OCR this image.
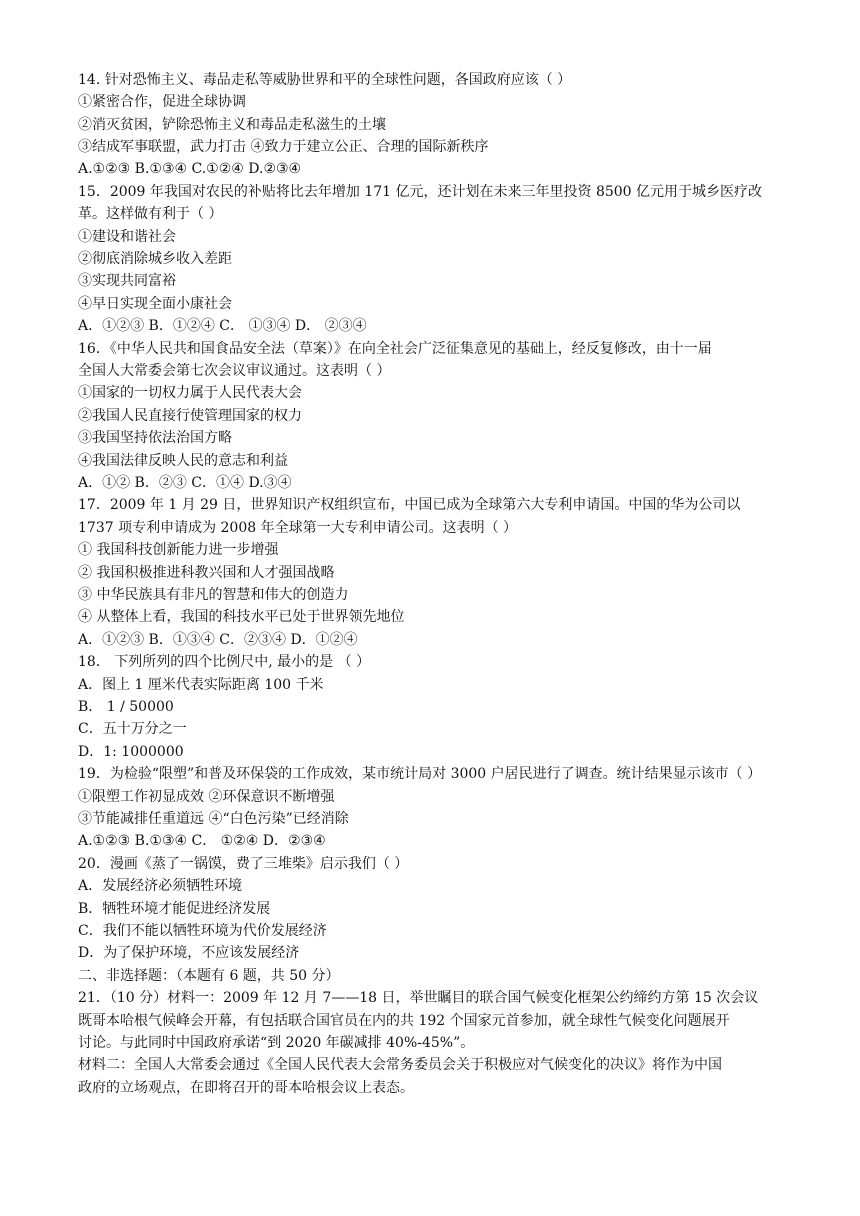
14. 针对恐怖主义、毒品走私等威胁世界和平的全球性问题，各国政府应该（ ）
①紧密合作，促进全球协调
②消灭贫困，铲除恐怖主义和毒品走私滋生的土壤
③结成军事联盟，武力打击 ④致力于建立公正、合理的国际新秩序
A.①②③ B.①③④ C.①②④ D.②③④
15．2009 年我国对农民的补贴将比去年增加 171 亿元，还计划在未来三年里投资 8500 亿元用于城乡医疗改
革。这样做有利于（ ）
①建设和谐社会
②彻底消除城乡收入差距
③实现共同富裕
④早日实现全面小康社会
A．①②③ B．①②④ C． ①③④ D． ②③④
16．《中华人民共和国食品安全法（草案）》在向全社会广泛征集意见的基础上，经反复修改，由十一届
全国人大常委会第七次会议审议通过。这表明（ ）
①国家的一切权力属于人民代表大会
②我国人民直接行使管理国家的权力
③我国坚持依法治国方略
④我国法律反映人民的意志和利益
A．①② B．②③ C．①④ D.③④
17．2009 年 1 月 29 日，世界知识产权组织宣布，中国已成为全球第六大专利申请国。中国的华为公司以
1737 项专利申请成为 2008 年全球第一大专利申请公司。这表明（ ）
① 我国科技创新能力进一步增强
② 我国积极推进科教兴国和人才强国战略
③ 中华民族具有非凡的智慧和伟大的创造力
④ 从整体上看，我国的科技水平已处于世界领先地位
A．①②③ B．①③④ C．②③④ D．①②④
18． 下列所列的四个比例尺中, 最小的是 （ ）
A．图上 1 厘米代表实际距离 100 千米
B． 1 / 50000
C．五十万分之一
D．1: 1000000
19．为检验“限塑”和普及环保袋的工作成效，某市统计局对 3000 户居民进行了调查。统计结果显示该市（ ）
①限塑工作初显成效 ②环保意识不断增强
③节能减排任重道远 ④“白色污染”已经消除
A.①②③ B.①③④ C． ①②④ D．②③④
20．漫画《蒸了一锅馍，费了三堆柴》启示我们（ ）
A．发展经济必须牺牲环境
B．牺牲环境才能促进经济发展
C．我们不能以牺牲环境为代价发展经济
D．为了保护环境，不应该发展经济
二、非选择题：（本题有 6 题，共 50 分）
21．（10 分）材料一：2009 年 12 月 7——18 日，举世瞩目的联合国气候变化框架公约缔约方第 15 次会议
既哥本哈根气候峰会开幕，有包括联合国官员在内的共 192 个国家元首参加，就全球性气候变化问题展开
讨论。与此同时中国政府承诺“到 2020 年碳减排 40%-45%”。
材料二：全国人大常委会通过《全国人民代表大会常务委员会关于积极应对气候变化的决议》将作为中国
政府的立场观点，在即将召开的哥本哈根会议上表态。
